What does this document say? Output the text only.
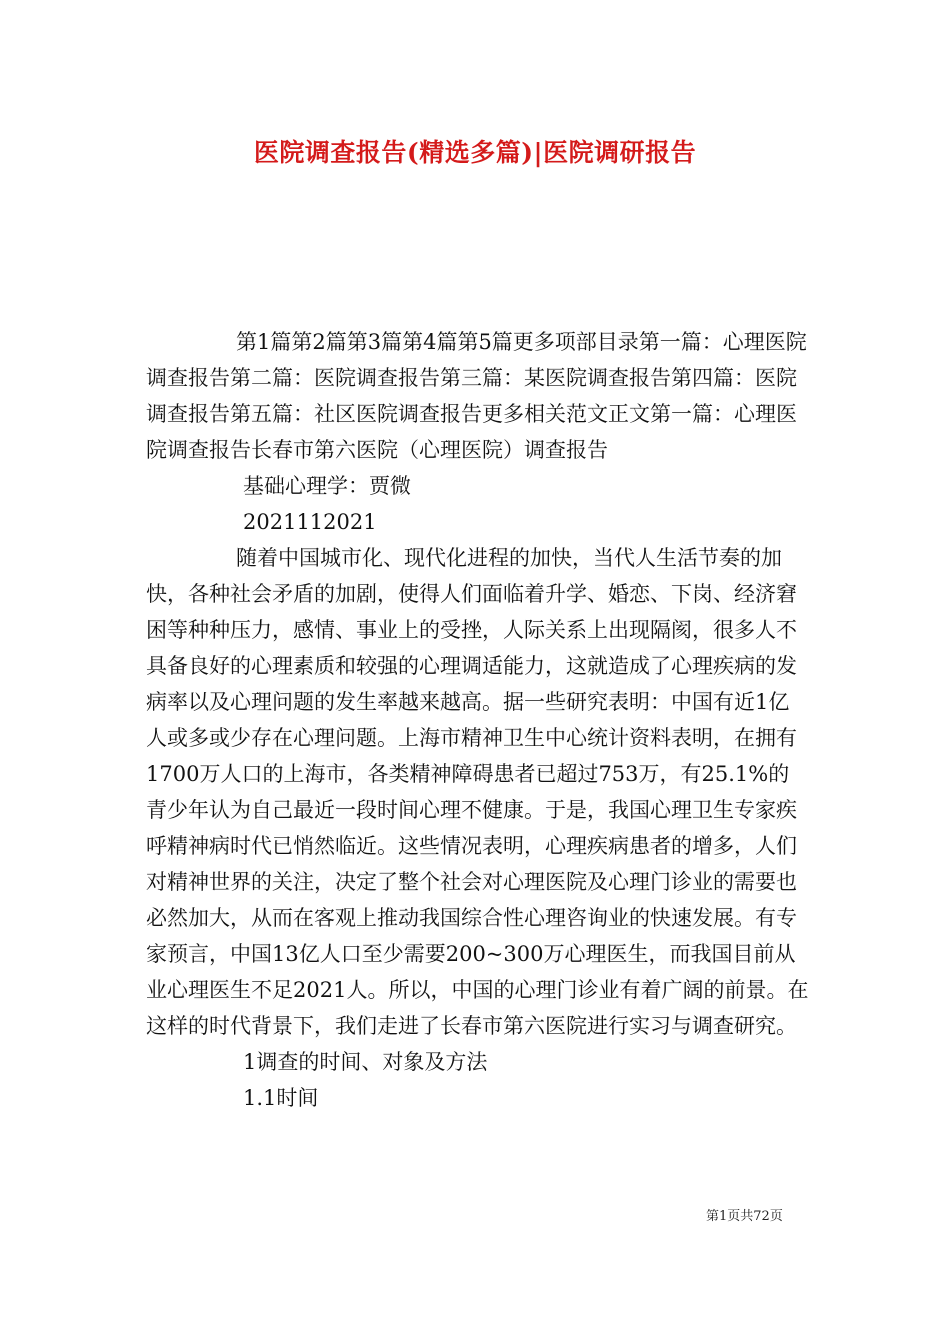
医院调查报告(精选多篇)|医院调研报告

第1篇第2篇第3篇第4篇第5篇更多项部目录第一篇：心理医院调查报告第二篇：医院调查报告第三篇：某医院调查报告第四篇：医院调查报告第五篇：社区医院调查报告更多相关范文正文第一篇：心理医院调查报告长春市第六医院（心理医院）调查报告

基础心理学：贾微

2021112021

随着中国城市化、现代化进程的加快，当代人生活节奏的加快，各种社会矛盾的加剧，使得人们面临着升学、婚恋、下岗、经济窘困等种种压力，感情、事业上的受挫，人际关系上出现隔阂，很多人不具备良好的心理素质和较强的心理调适能力，这就造成了心理疾病的发病率以及心理问题的发生率越来越高。据一些研究表明：中国有近1亿人或多或少存在心理问题。上海市精神卫生中心统计资料表明，在拥有1700万人口的上海市，各类精神障碍患者已超过753万，有25.1%的青少年认为自己最近一段时间心理不健康。于是，我国心理卫生专家疾呼精神病时代已悄然临近。这些情况表明，心理疾病患者的增多，人们对精神世界的关注，决定了整个社会对心理医院及心理门诊业的需要也必然加大，从而在客观上推动我国综合性心理咨询业的快速发展。有专家预言，中国13亿人口至少需要200~300万心理医生，而我国目前从业心理医生不足2021人。所以，中国的心理门诊业有着广阔的前景。在这样的时代背景下，我们走进了长春市第六医院进行实习与调查研究。

1调查的时间、对象及方法

1.1时间

第1页共72页
